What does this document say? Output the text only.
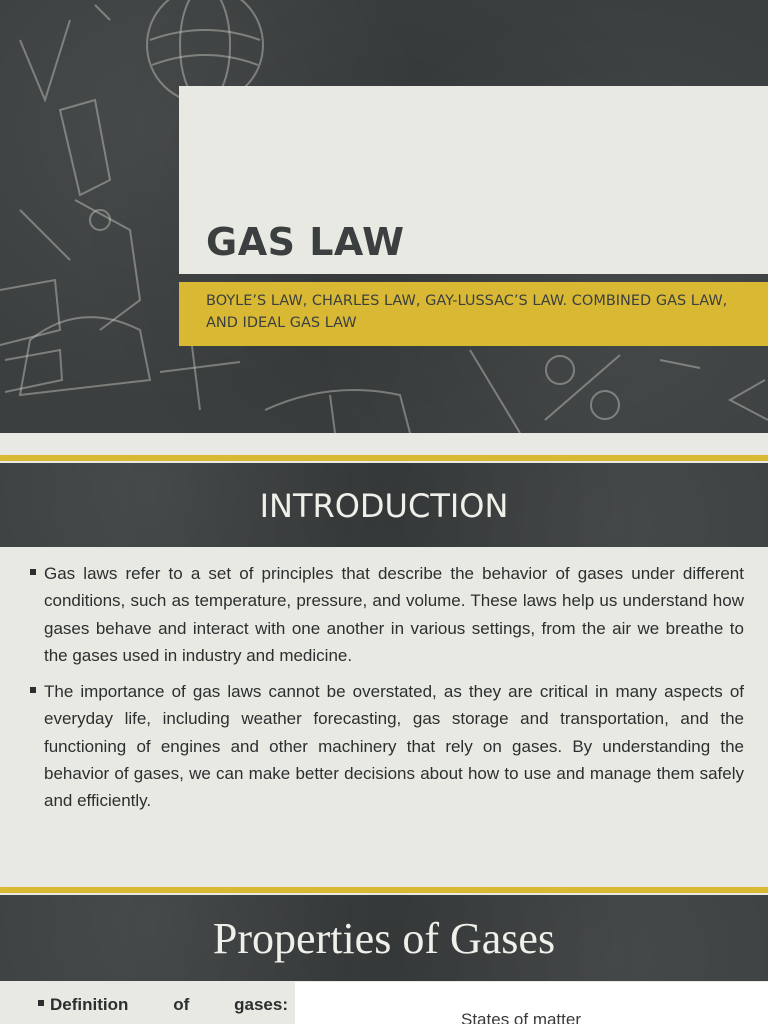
GAS LAW
BOYLE’S LAW, CHARLES LAW, GAY-LUSSAC’S LAW. COMBINED GAS LAW, AND IDEAL GAS LAW
INTRODUCTION
Gas laws refer to a set of principles that describe the behavior of gases under different conditions, such as temperature, pressure, and volume. These laws help us understand how gases behave and interact with one another in various settings, from the air we breathe to the gases used in industry and medicine.
The importance of gas laws cannot be overstated, as they are critical in many aspects of everyday life, including weather forecasting, gas storage and transportation, and the functioning of engines and other machinery that rely on gases. By understanding the behavior of gases, we can make better decisions about how to use and manage them safely and efficiently.
Properties of Gases
Definition	of	gases:
States of matter
